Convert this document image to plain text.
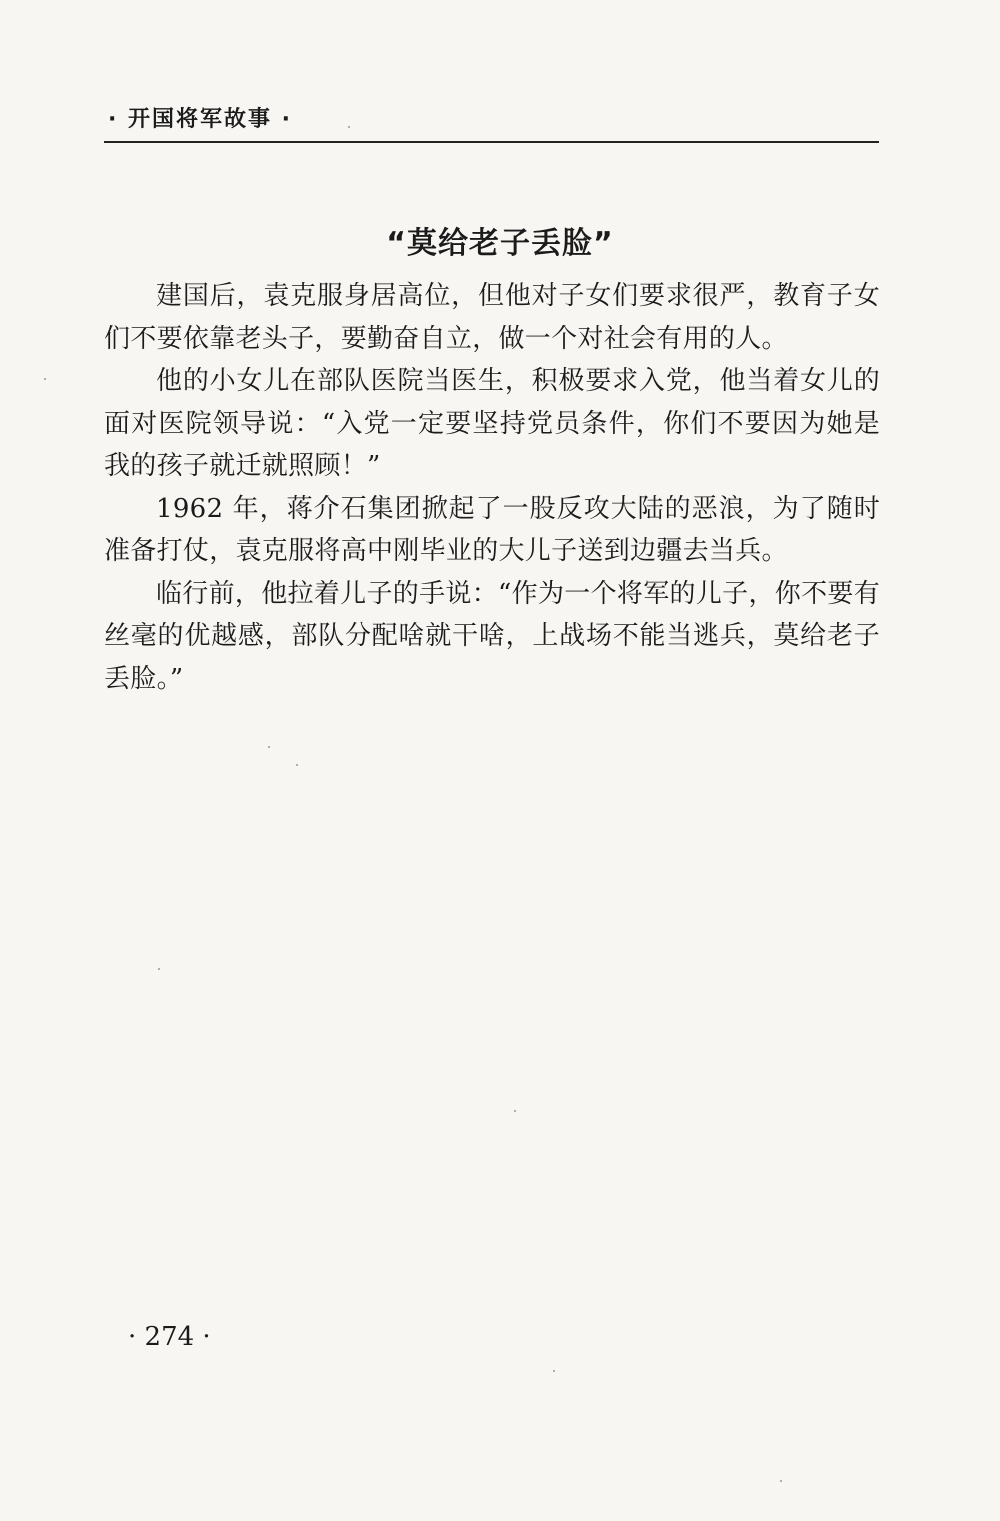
· 开国将军故事 ·
“莫给老子丢脸”

建国后，袁克服身居高位，但他对子女们要求很严，教育子女们不要依靠老头子，要勤奋自立，做一个对社会有用的人。

他的小女儿在部队医院当医生，积极要求入党，他当着女儿的面对医院领导说：“入党一定要坚持党员条件，你们不要因为她是我的孩子就迁就照顾！”

1962 年，蒋介石集团掀起了一股反攻大陆的恶浪，为了随时准备打仗，袁克服将高中刚毕业的大儿子送到边疆去当兵。

临行前，他拉着儿子的手说：“作为一个将军的儿子，你不要有丝毫的优越感，部队分配啥就干啥，上战场不能当逃兵，莫给老子丢脸。”

· 274 ·
